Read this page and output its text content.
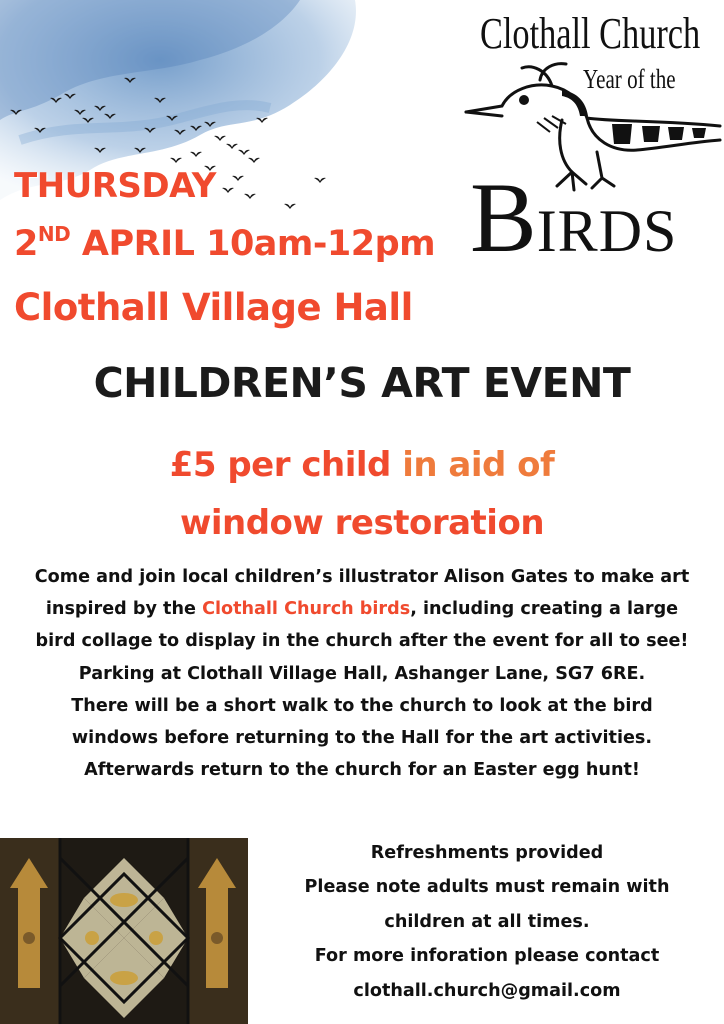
Clothall Church
Year of the
BIRDS
THURSDAY
2ND APRIL 10am-12pm
Clothall Village Hall
CHILDREN’S ART EVENT
£5 per child in aid of
window restoration
Come and join local children’s illustrator Alison Gates to make art
inspired by the Clothall Church birds, including creating a large
bird collage to display in the church after the event for all to see!
Parking at Clothall Village Hall, Ashanger Lane, SG7 6RE.
There will be a short walk to the church to look at the bird
windows before returning to the Hall for the art activities.
Afterwards return to the church for an Easter egg hunt!
Refreshments provided
Please note adults must remain with
children at all times.
For more inforation please contact
clothall.church@gmail.com
